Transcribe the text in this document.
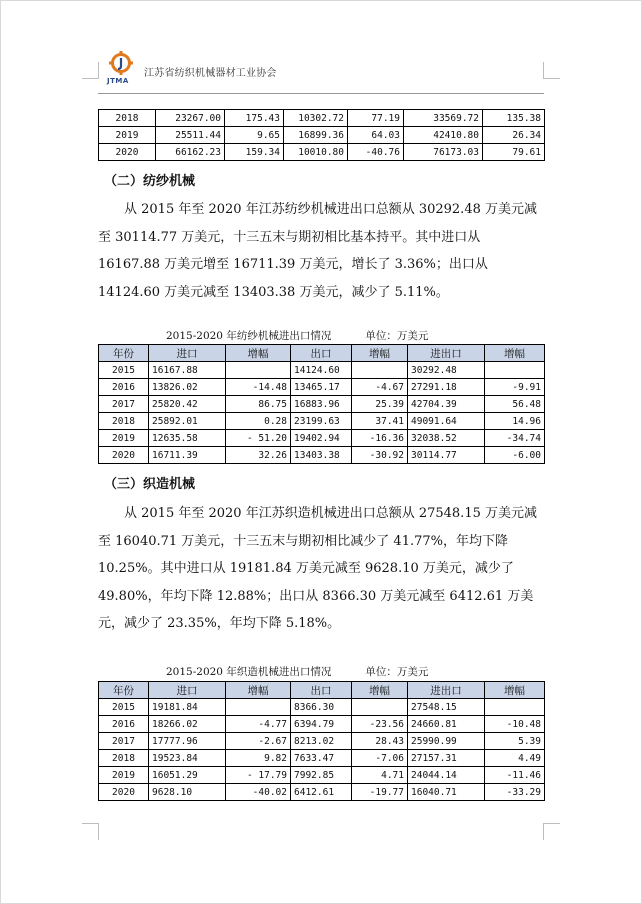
JTMA
江苏省纺织机械器材工业协会
2018	23267.00	175.43	10302.72	77.19	33569.72	135.38
2019	25511.44	9.65	16899.36	64.03	42410.80	26.34
2020	66162.23	159.34	10010.80	-40.76	76173.03	79.61
（二）纺纱机械

从 2015 年至 2020 年江苏纺纱机械进出口总额从 30292.48 万美元减至 30114.77 万美元，十三五末与期初相比基本持平。其中进口从 16167.88 万美元增至 16711.39 万美元，增长了 3.36%；出口从 14124.60 万美元减至 13403.38 万美元，减少了 5.11%。

2015-2020 年纺纱机械进出口情况	单位：万美元
年份	进口	增幅	出口	增幅	进出口	增幅
2015	16167.88		14124.60		30292.48	
2016	13826.02	-14.48	13465.17	-4.67	27291.18	-9.91
2017	25820.42	86.75	16883.96	25.39	42704.39	56.48
2018	25892.01	0.28	23199.63	37.41	49091.64	14.96
2019	12635.58	- 51.20	19402.94	-16.36	32038.52	-34.74
2020	16711.39	32.26	13403.38	-30.92	30114.77	-6.00
（三）织造机械

从 2015 年至 2020 年江苏织造机械进出口总额从 27548.15 万美元减至 16040.71 万美元，十三五末与期初相比减少了 41.77%，年均下降 10.25%。其中进口从 19181.84 万美元减至 9628.10 万美元，减少了 49.80%，年均下降 12.88%；出口从 8366.30 万美元减至 6412.61 万美元，减少了 23.35%，年均下降 5.18%。

2015-2020 年织造机械进出口情况	单位：万美元
年份	进口	增幅	出口	增幅	进出口	增幅
2015	19181.84		8366.30		27548.15	
2016	18266.02	-4.77	6394.79	-23.56	24660.81	-10.48
2017	17777.96	-2.67	8213.02	28.43	25990.99	5.39
2018	19523.84	9.82	7633.47	-7.06	27157.31	4.49
2019	16051.29	- 17.79	7992.85	4.71	24044.14	-11.46
2020	9628.10	-40.02	6412.61	-19.77	16040.71	-33.29
